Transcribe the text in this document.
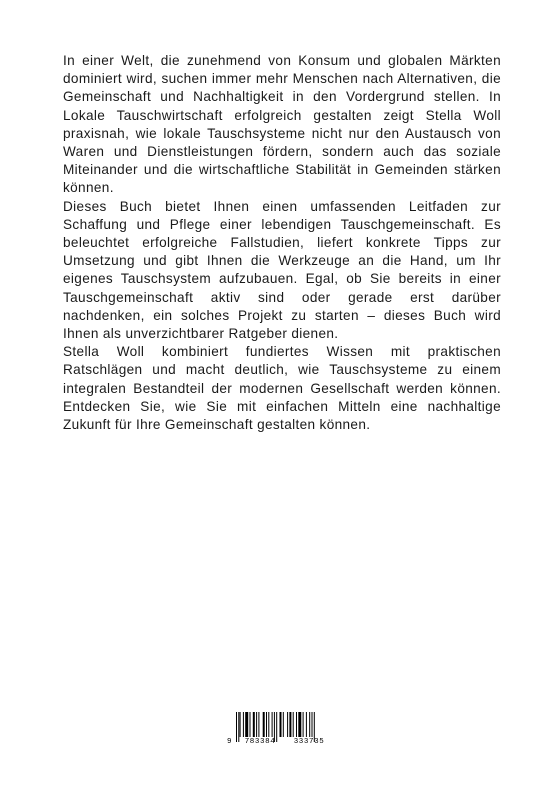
In einer Welt, die zunehmend von Konsum und globalen Märkten dominiert wird, suchen immer mehr Menschen nach Alternativen, die Gemeinschaft und Nachhaltigkeit in den Vordergrund stellen. In Lokale Tauschwirtschaft erfolgreich gestalten zeigt Stella Woll praxisnah, wie lokale Tauschsysteme nicht nur den Austausch von Waren und Dienstleistungen fördern, sondern auch das soziale Miteinander und die wirtschaftliche Stabilität in Gemeinden stärken können.

Dieses Buch bietet Ihnen einen umfassenden Leitfaden zur Schaffung und Pflege einer lebendigen Tauschgemeinschaft. Es beleuchtet erfolgreiche Fallstudien, liefert konkrete Tipps zur Umsetzung und gibt Ihnen die Werkzeuge an die Hand, um Ihr eigenes Tauschsystem aufzubauen. Egal, ob Sie bereits in einer Tauschgemeinschaft aktiv sind oder gerade erst darüber nachdenken, ein solches Projekt zu starten – dieses Buch wird Ihnen als unverzichtbarer Ratgeber dienen.

Stella Woll kombiniert fundiertes Wissen mit praktischen Ratschlägen und macht deutlich, wie Tauschsysteme zu einem integralen Bestandteil der modernen Gesellschaft werden können. Entdecken Sie, wie Sie mit einfachen Mitteln eine nachhaltige Zukunft für Ihre Gemeinschaft gestalten können.

9	783384	333735
